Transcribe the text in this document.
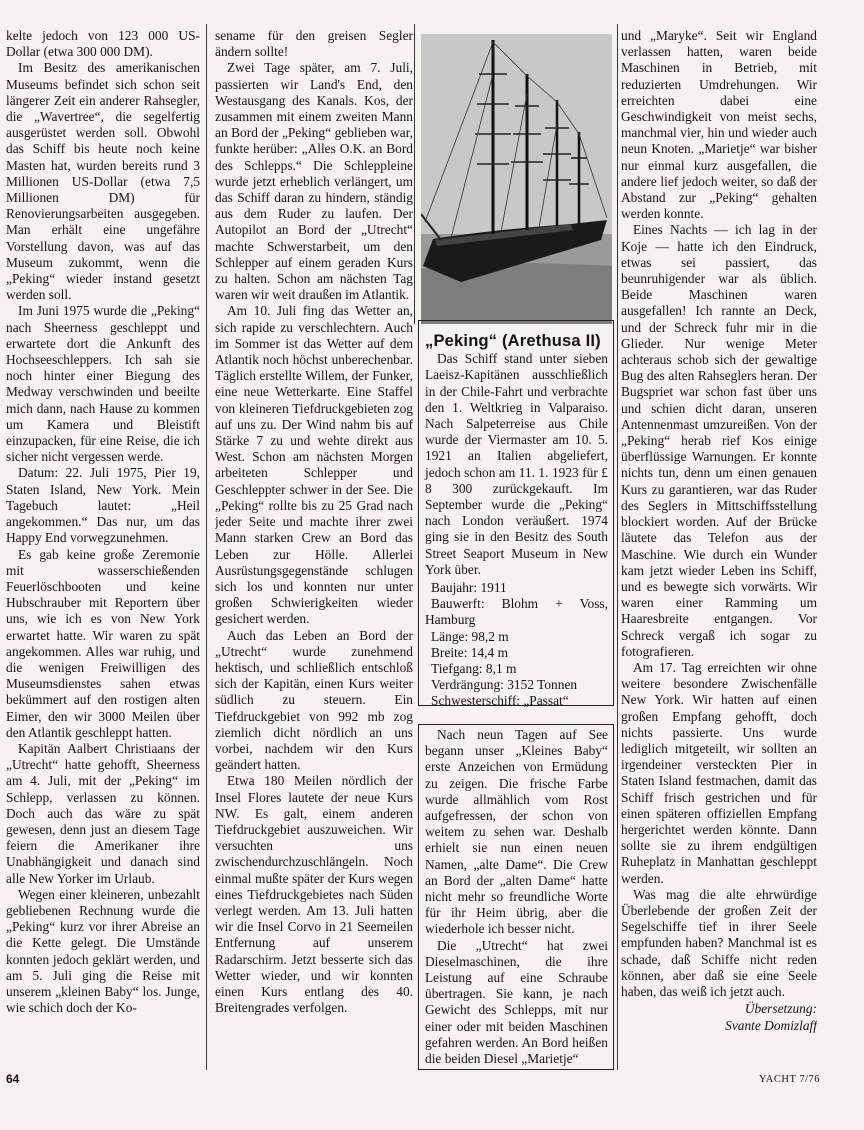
kelte jedoch von 123 000 US-Dollar (etwa 300 000 DM).

Im Besitz des amerikanischen Museums befindet sich schon seit längerer Zeit ein anderer Rahsegler, die „Wavertree“, die segelfertig ausgerüstet werden soll. Obwohl das Schiff bis heute noch keine Masten hat, wurden bereits rund 3 Millionen US-Dollar (etwa 7,5 Millionen DM) für Renovierungsarbeiten ausgegeben. Man erhält eine ungefähre Vorstellung davon, was auf das Museum zukommt, wenn die „Peking“ wieder instand gesetzt werden soll.

Im Juni 1975 wurde die „Peking“ nach Sheerness geschleppt und erwartete dort die Ankunft des Hochseeschleppers. Ich sah sie noch hinter einer Biegung des Medway verschwinden und beeilte mich dann, nach Hause zu kommen um Kamera und Bleistift einzupacken, für eine Reise, die ich sicher nicht vergessen werde.

Datum: 22. Juli 1975, Pier 19, Staten Island, New York. Mein Tagebuch lautet: „Heil angekommen.“ Das nur, um das Happy End vorwegzunehmen.

Es gab keine große Zeremonie mit wasserschießenden Feuerlöschbooten und keine Hubschrauber mit Reportern über uns, wie ich es von New York erwartet hatte. Wir waren zu spät angekommen. Alles war ruhig, und die wenigen Freiwilligen des Museumsdienstes sahen etwas bekümmert auf den rostigen alten Eimer, den wir 3000 Meilen über den Atlantik geschleppt hatten.

Kapitän Aalbert Christiaans der „Utrecht“ hatte gehofft, Sheerness am 4. Juli, mit der „Peking“ im Schlepp, verlassen zu können. Doch auch das wäre zu spät gewesen, denn just an diesem Tage feiern die Amerikaner ihre Unabhängigkeit und danach sind alle New Yorker im Urlaub.

Wegen einer kleineren, unbezahlt gebliebenen Rechnung wurde die „Peking“ kurz vor ihrer Abreise an die Kette gelegt. Die Umstände konnten jedoch geklärt werden, und am 5. Juli ging die Reise mit unserem „kleinen Baby“ los. Junge, wie schich doch der Ko-

sename für den greisen Segler ändern sollte!

Zwei Tage später, am 7. Juli, passierten wir Land's End, den Westausgang des Kanals. Kos, der zusammen mit einem zweiten Mann an Bord der „Peking“ geblieben war, funkte herüber: „Alles O.K. an Bord des Schlepps.“ Die Schleppleine wurde jetzt erheblich verlängert, um das Schiff daran zu hindern, ständig aus dem Ruder zu laufen. Der Autopilot an Bord der „Utrecht“ machte Schwerstarbeit, um den Schlepper auf einem geraden Kurs zu halten. Schon am nächsten Tag waren wir weit draußen im Atlantik.

Am 10. Juli fing das Wetter an, sich rapide zu verschlechtern. Auch im Sommer ist das Wetter auf dem Atlantik noch höchst unberechenbar. Täglich erstellte Willem, der Funker, eine neue Wetterkarte. Eine Staffel von kleineren Tiefdruckgebieten zog auf uns zu. Der Wind nahm bis auf Stärke 7 zu und wehte direkt aus West. Schon am nächsten Morgen arbeiteten Schlepper und Geschleppter schwer in der See. Die „Peking“ rollte bis zu 25 Grad nach jeder Seite und machte ihrer zwei Mann starken Crew an Bord das Leben zur Hölle. Allerlei Ausrüstungsgegenstände schlugen sich los und konnten nur unter großen Schwierigkeiten wieder gesichert werden.

Auch das Leben an Bord der „Utrecht“ wurde zunehmend hektisch, und schließlich entschloß sich der Kapitän, einen Kurs weiter südlich zu steuern. Ein Tiefdruckgebiet von 992 mb zog ziemlich dicht nördlich an uns vorbei, nachdem wir den Kurs geändert hatten.

Etwa 180 Meilen nördlich der Insel Flores lautete der neue Kurs NW. Es galt, einem anderen Tiefdruckgebiet auszuweichen. Wir versuchten uns zwischendurchzuschlängeln. Noch einmal mußte später der Kurs wegen eines Tiefdruckgebietes nach Süden verlegt werden. Am 13. Juli hatten wir die Insel Corvo in 21 Seemeilen Entfernung auf unserem Radarschirm. Jetzt besserte sich das Wetter wieder, und wir konnten einen Kurs entlang des 40. Breitengrades verfolgen.

„Peking“ (Arethusa II)

Das Schiff stand unter sieben Laeisz-Kapitänen ausschließlich in der Chile-Fahrt und verbrachte den 1. Weltkrieg in Valparaiso. Nach Salpeterreise aus Chile wurde der Viermaster am 10. 5. 1921 an Italien abgeliefert, jedoch schon am 11. 1. 1923 für £ 8 300 zurückgekauft. Im September wurde die „Peking“ nach London veräußert. 1974 ging sie in den Besitz des South Street Seaport Museum in New York über.

Baujahr: 1911
Bauwerft: Blohm + Voss, Hamburg
Länge: 98,2 m
Breite: 14,4 m
Tiefgang: 8,1 m
Verdrängung: 3152 Tonnen
Schwesterschiff: „Passat“

Nach neun Tagen auf See begann unser „Kleines Baby“ erste Anzeichen von Ermüdung zu zeigen. Die frische Farbe wurde allmählich vom Rost aufgefressen, der schon von weitem zu sehen war. Deshalb erhielt sie nun einen neuen Namen, „alte Dame“. Die Crew an Bord der „alten Dame“ hatte nicht mehr so freundliche Worte für ihr Heim übrig, aber die wiederhole ich besser nicht.

Die „Utrecht“ hat zwei Dieselmaschinen, die ihre Leistung auf eine Schraube übertragen. Sie kann, je nach Gewicht des Schlepps, mit nur einer oder mit beiden Maschinen gefahren werden. An Bord heißen die beiden Diesel „Marietje“

und „Maryke“. Seit wir England verlassen hatten, waren beide Maschinen in Betrieb, mit reduzierten Umdrehungen. Wir erreichten dabei eine Geschwindigkeit von meist sechs, manchmal vier, hin und wieder auch neun Knoten. „Marietje“ war bisher nur einmal kurz ausgefallen, die andere lief jedoch weiter, so daß der Abstand zur „Peking“ gehalten werden konnte.

Eines Nachts — ich lag in der Koje — hatte ich den Eindruck, etwas sei passiert, das beunruhigender war als üblich. Beide Maschinen waren ausgefallen! Ich rannte an Deck, und der Schreck fuhr mir in die Glieder. Nur wenige Meter achteraus schob sich der gewaltige Bug des alten Rahseglers heran. Der Bugspriet war schon fast über uns und schien dicht daran, unseren Antennenmast umzureißen. Von der „Peking“ herab rief Kos einige überflüssige Warnungen. Er konnte nichts tun, denn um einen genauen Kurs zu garantieren, war das Ruder des Seglers in Mittschiffsstellung blockiert worden. Auf der Brücke läutete das Telefon aus der Maschine. Wie durch ein Wunder kam jetzt wieder Leben ins Schiff, und es bewegte sich vorwärts. Wir waren einer Ramming um Haaresbreite entgangen. Vor Schreck vergaß ich sogar zu fotografieren.

Am 17. Tag erreichten wir ohne weitere besondere Zwischenfälle New York. Wir hatten auf einen großen Empfang gehofft, doch nichts passierte. Uns wurde lediglich mitgeteilt, wir sollten an irgendeiner versteckten Pier in Staten Island festmachen, damit das Schiff frisch gestrichen und für einen späteren offiziellen Empfang hergerichtet werden könnte. Dann sollte sie zu ihrem endgültigen Ruheplatz in Manhattan geschleppt werden.

Was mag die alte ehrwürdige Überlebende der großen Zeit der Segelschiffe tief in ihrer Seele empfunden haben? Manchmal ist es schade, daß Schiffe nicht reden können, aber daß sie eine Seele haben, das weiß ich jetzt auch.

Übersetzung:
Svante Domizlaff
64	YACHT 7/76
